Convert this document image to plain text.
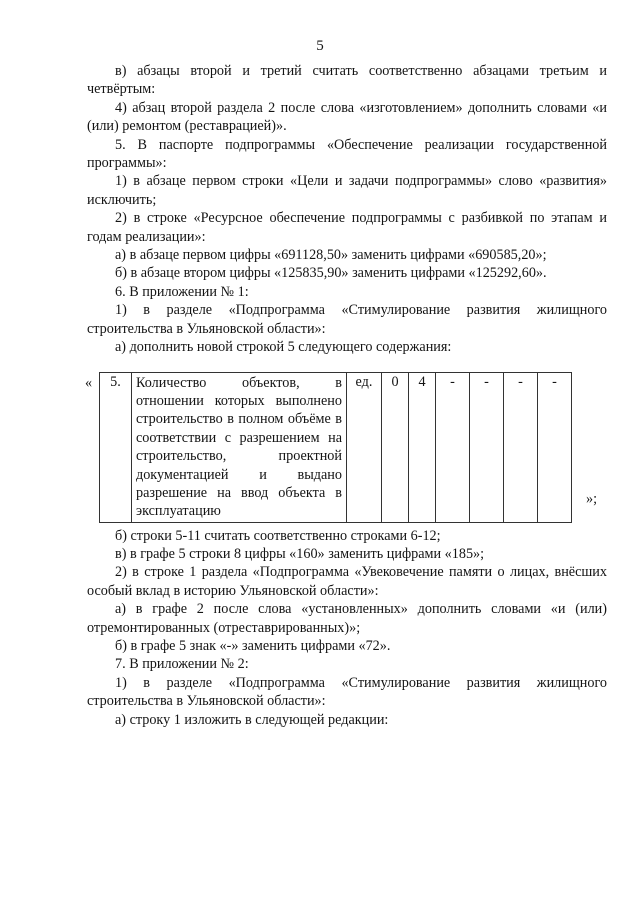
5

в) абзацы второй и третий считать соответственно абзацами третьим и четвёртым:

4) абзац второй раздела 2 после слова «изготовлением» дополнить словами «и (или) ремонтом (реставрацией)».

5. В паспорте подпрограммы «Обеспечение реализации государственной программы»:

1) в абзаце первом строки «Цели и задачи подпрограммы» слово «развития» исключить;

2) в строке «Ресурсное обеспечение подпрограммы с разбивкой по этапам и годам реализации»:

а) в абзаце первом цифры «691128,50» заменить цифрами «690585,20»;

б) в абзаце втором цифры «125835,90» заменить цифрами «125292,60».

6. В приложении № 1:

1) в разделе «Подпрограмма «Стимулирование развития жилищного строительства в Ульяновской области»:

а) дополнить новой строкой 5 следующего содержания:

« 5.	Количество объектов, в отношении которых выполнено строительство в полном объёме в соответствии с разрешением на строительство, проектной документацией и выдано разрешение на ввод объекта в эксплуатацию	ед.	0	4	-	-	-	-
»;

б) строки 5-11 считать соответственно строками 6-12;

в) в графе 5 строки 8 цифры «160» заменить цифрами «185»;

2) в строке 1 раздела «Подпрограмма «Увековечение памяти о лицах, внёсших особый вклад в историю Ульяновской области»:

а) в графе 2 после слова «установленных» дополнить словами «и (или) отремонтированных (отреставрированных)»;

б) в графе 5 знак «-» заменить цифрами «72».

7. В приложении № 2:

1) в разделе «Подпрограмма «Стимулирование развития жилищного строительства в Ульяновской области»:

а) строку 1 изложить в следующей редакции:
